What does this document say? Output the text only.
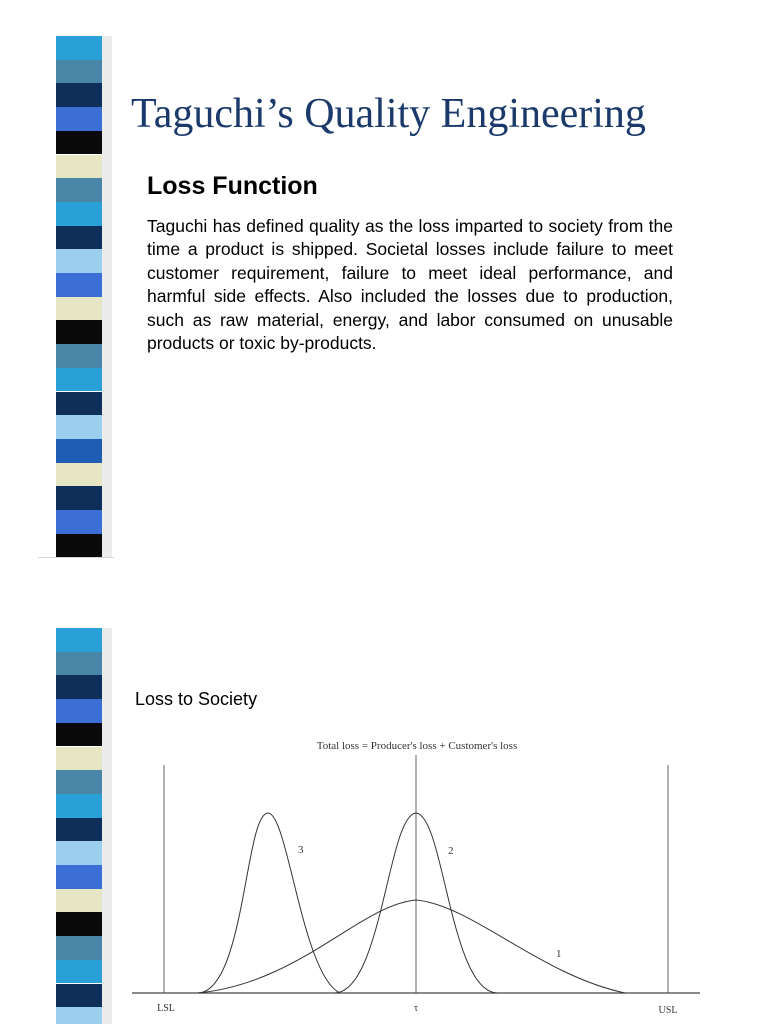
Taguchi’s Quality Engineering
Loss Function

Taguchi has defined quality as the loss imparted to society from the time a product is shipped. Societal losses include failure to meet customer requirement, failure to meet ideal performance, and harmful side effects. Also included the losses due to production, such as raw material, energy, and labor consumed on unusable products or toxic by-products.

Loss to Society
Total loss = Producer's loss + Customer's loss
3	2
1
LSL	τ	USL
